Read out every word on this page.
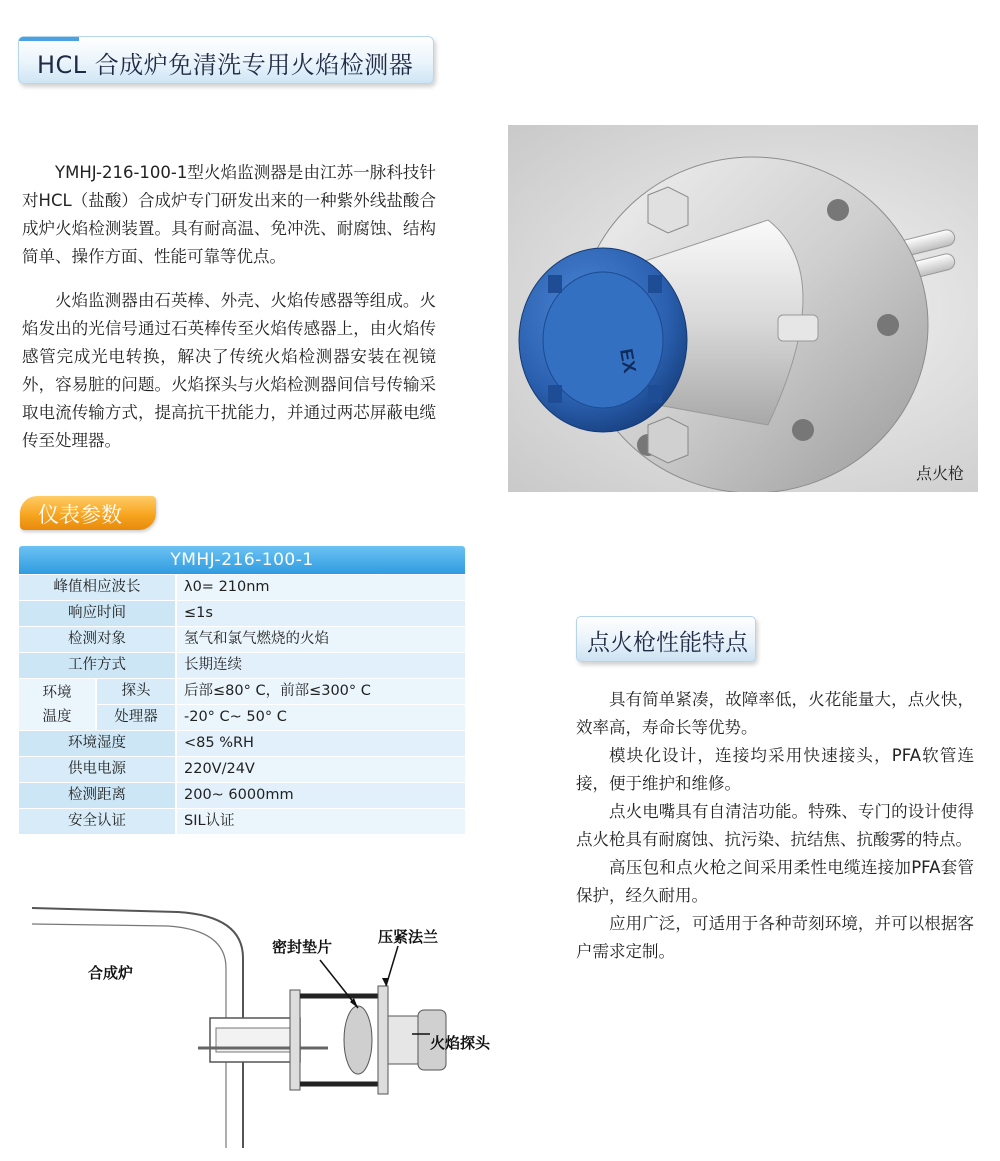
HCL 合成炉免清洗专用火焰检测器

YMHJ-216-100-1型火焰监测器是由江苏一脉科技针对HCL（盐酸）合成炉专门研发出来的一种紫外线盐酸合成炉火焰检测装置。具有耐高温、免冲洗、耐腐蚀、结构简单、操作方面、性能可靠等优点。

火焰监测器由石英棒、外壳、火焰传感器等组成。火焰发出的光信号通过石英棒传至火焰传感器上，由火焰传感管完成光电转换，解决了传统火焰检测器安装在视镜外，容易脏的问题。火焰探头与火焰检测器间信号传输采取电流传输方式，提高抗干扰能力，并通过两芯屏蔽电缆传至处理器。

EX
点火枪
仪表参数
YMHJ-216-100-1
峰值相应波长	λ0= 210nm
响应时间	≤1s
检测对象	氢气和氯气燃烧的火焰
工作方式	长期连续
环境
温度
探头	后部≤80° C，前部≤300° C
处理器	-20° C~ 50° C
环境湿度	<85 %RH
供电电源	220V/24V
检测距离	200~ 6000mm
安全认证	SIL认证
点火枪性能特点

具有简单紧凑，故障率低，火花能量大，点火快，效率高，寿命长等优势。

模块化设计，连接均采用快速接头，PFA软管连接，便于维护和维修。

点火电嘴具有自清洁功能。特殊、专门的设计使得点火枪具有耐腐蚀、抗污染、抗结焦、抗酸雾的特点。

高压包和点火枪之间采用柔性电缆连接加PFA套管保护，经久耐用。

应用广泛，可适用于各种苛刻环境，并可以根据客户需求定制。

合成炉
密封垫片
压紧法兰
火焰探头
